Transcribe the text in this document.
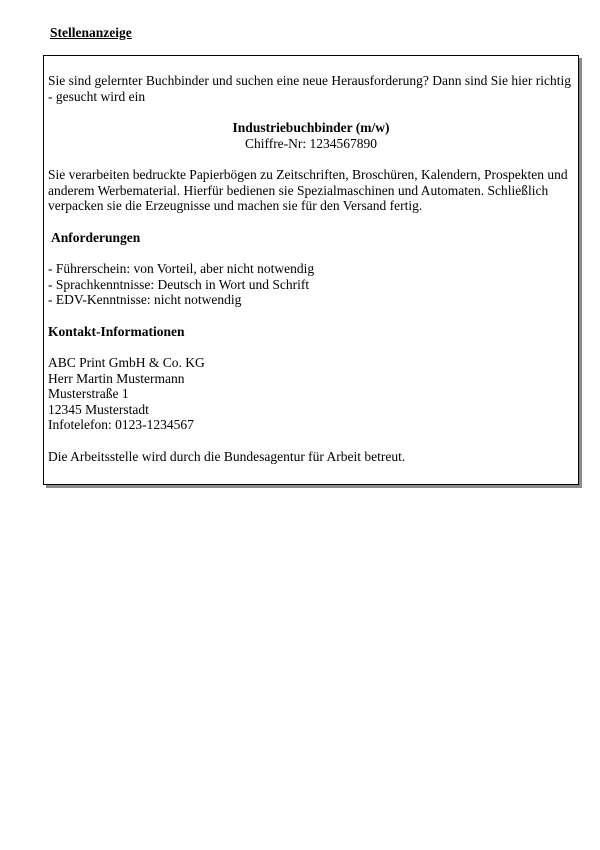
Stellenanzeige

Sie sind gelernter Buchbinder und suchen eine neue Herausforderung? Dann sind Sie hier richtig - gesucht wird ein

Industriebuchbinder (m/w)

Chiffre-Nr: 1234567890

Sie verarbeiten bedruckte Papierbögen zu Zeitschriften, Broschüren, Kalendern, Prospekten und anderem Werbematerial. Hierfür bedienen sie Spezialmaschinen und Automaten. Schließlich verpacken sie die Erzeugnisse und machen sie für den Versand fertig.

Anforderungen

- Führerschein: von Vorteil, aber nicht notwendig
- Sprachkenntnisse: Deutsch in Wort und Schrift
- EDV-Kenntnisse: nicht notwendig

Kontakt-Informationen

ABC Print GmbH & Co. KG
Herr Martin Mustermann
Musterstraße 1
12345 Musterstadt
Infotelefon: 0123-1234567

Die Arbeitsstelle wird durch die Bundesagentur für Arbeit betreut.
